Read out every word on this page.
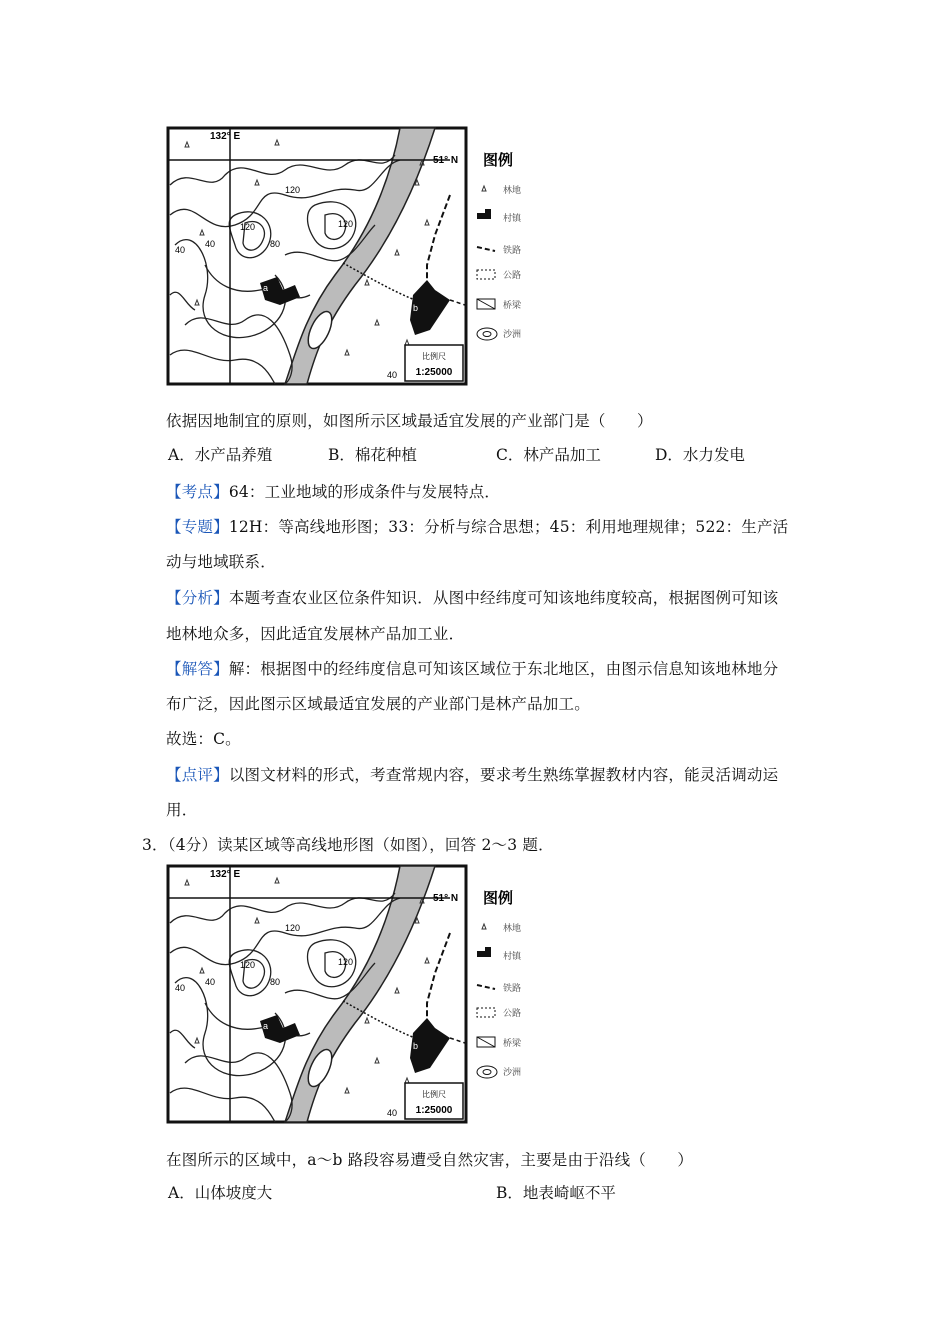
a
b
132° E
51° N
120
120	120
80
40
40
40
比例尺
1:25000
图例
林地
村镇
铁路
公路
桥梁
沙洲
依据因地制宜的原则，如图所示区域最适宜发展的产业部门是（　　）
A．水产品养殖	B．棉花种植	C．林产品加工	D．水力发电
【考点】64：工业地域的形成条件与发展特点．
【专题】12H：等高线地形图；33：分析与综合思想；45：利用地理规律；522：生产活
动与地域联系．
【分析】本题考查农业区位条件知识．从图中经纬度可知该地纬度较高，根据图例可知该
地林地众多，因此适宜发展林产品加工业．
【解答】解：根据图中的经纬度信息可知该区域位于东北地区，由图示信息知该地林地分
布广泛，因此图示区域最适宜发展的产业部门是林产品加工。
故选：C。
【点评】以图文材料的形式，考查常规内容，要求考生熟练掌握教材内容，能灵活调动运
用．
3．（4分）读某区域等高线地形图（如图），回答 2～3 题．
a
b
132° E
51° N
120
120	120
80
40
40
40
比例尺
1:25000
图例
林地
村镇
铁路
公路
桥梁
沙洲
在图所示的区域中，a～b 路段容易遭受自然灾害，主要是由于沿线（　　）
A．山体坡度大	B．地表崎岖不平
